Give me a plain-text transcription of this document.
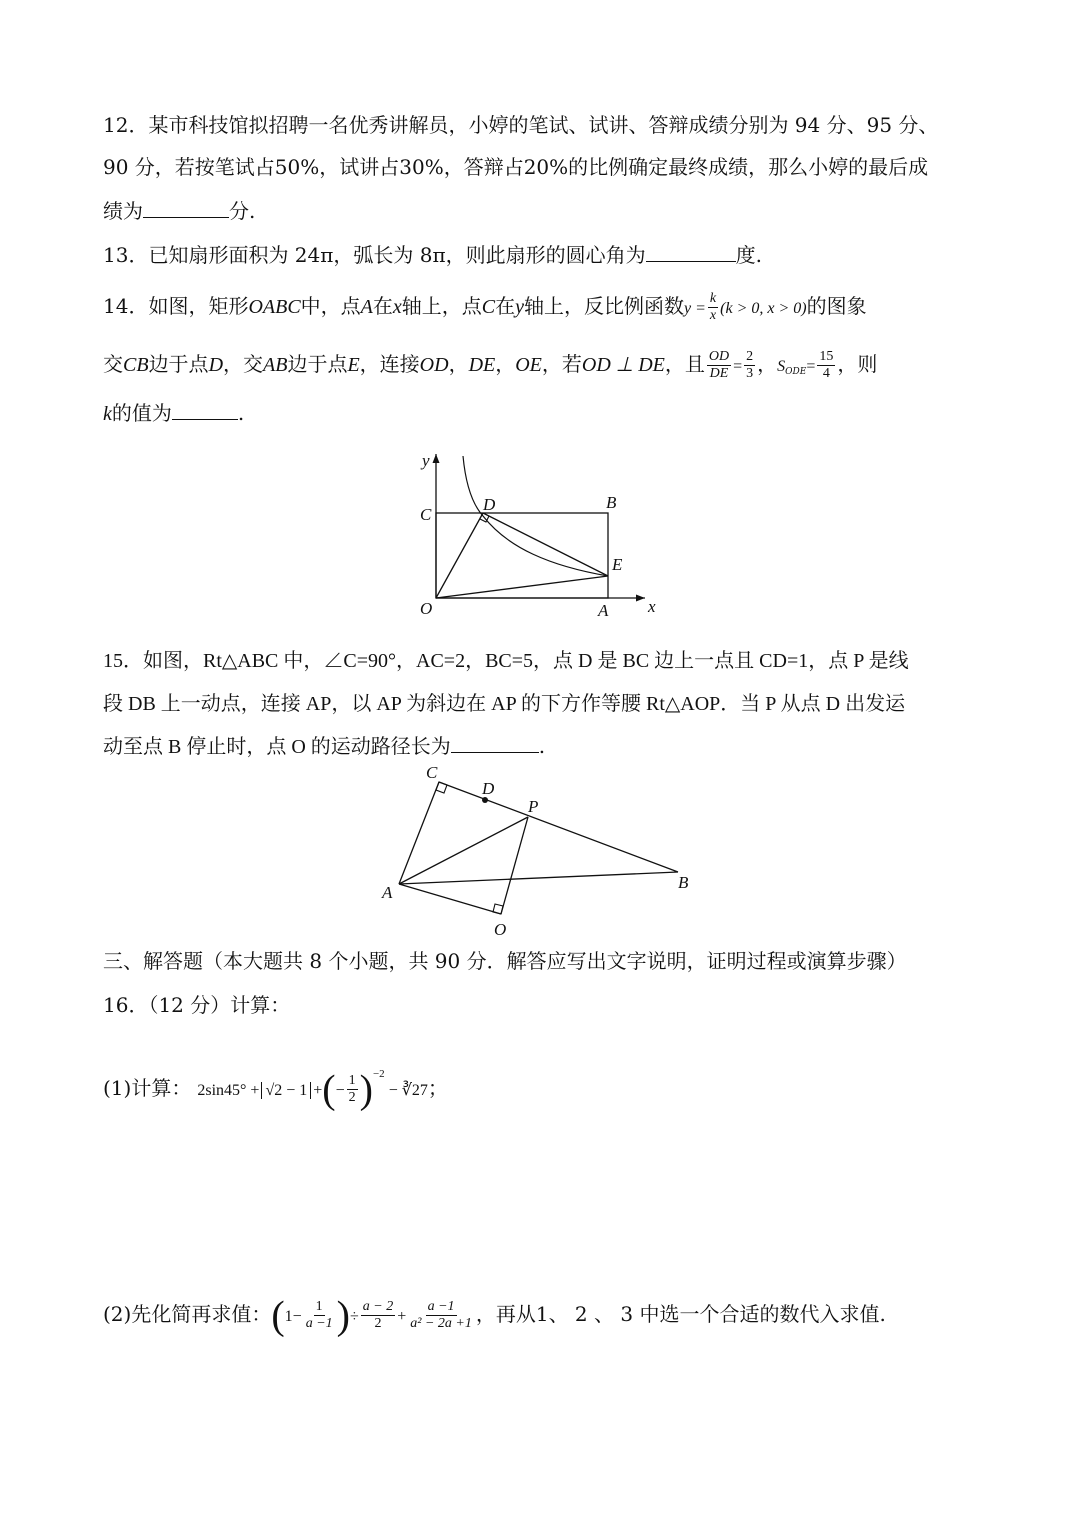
12．某市科技馆拟招聘一名优秀讲解员，小婷的笔试、试讲、答辩成绩分别为 94 分、95 分、
90 分，若按笔试占50%，试讲占30%，答辩占20%的比例确定最终成绩，那么小婷的最后成
绩为	分.
13．已知扇形面积为 24π，弧长为 8π，则此扇形的圆心角为	度.
14．如图，矩形OABC中，点A在x轴上，点C在y轴上，反比例函数$y = \frac{k}{x} (k > 0$, x > 0)的图象
交CB边于点D，交AB边于点E，连接OD，DE，OE，若OD ⊥ DE，且 $\frac{OD}{DE} = \frac{2}{3}$ ，$S_{ODE}= \frac{15}{4}$ ，则
k的值为	.
y
C
D	B
E
O	A x
15．如图，Rt△ABC 中，∠C=90°，AC=2，BC=5，点 D 是 BC 边上一点且 CD=1，点 P 是线
段 DB 上一动点，连接 AP，以 AP 为斜边在 AP 的下方作等腰 Rt△AOP．当 P 从点 D 出发运
动至点 B 停止时，点 O 的运动路径长为	.
C
D
P
A
B
O
三、解答题（本大题共 8 个小题，共 90 分．解答应写出文字说明，证明过程或演算步骤）
16．（12 分）计算：
(1)计算： 2sin45° + √2 − 1 +(− $\frac{1}{2} )^{-2}-$ ∛27；
(2)先化简再求值：($1- \frac{1}{a -1}$ )÷ $\frac{a - 2}{2} + \frac{a -1}{\text{a² − 2a +1}}$ ，再从1、 2 、 3 中选一个合适的数代入求值.
